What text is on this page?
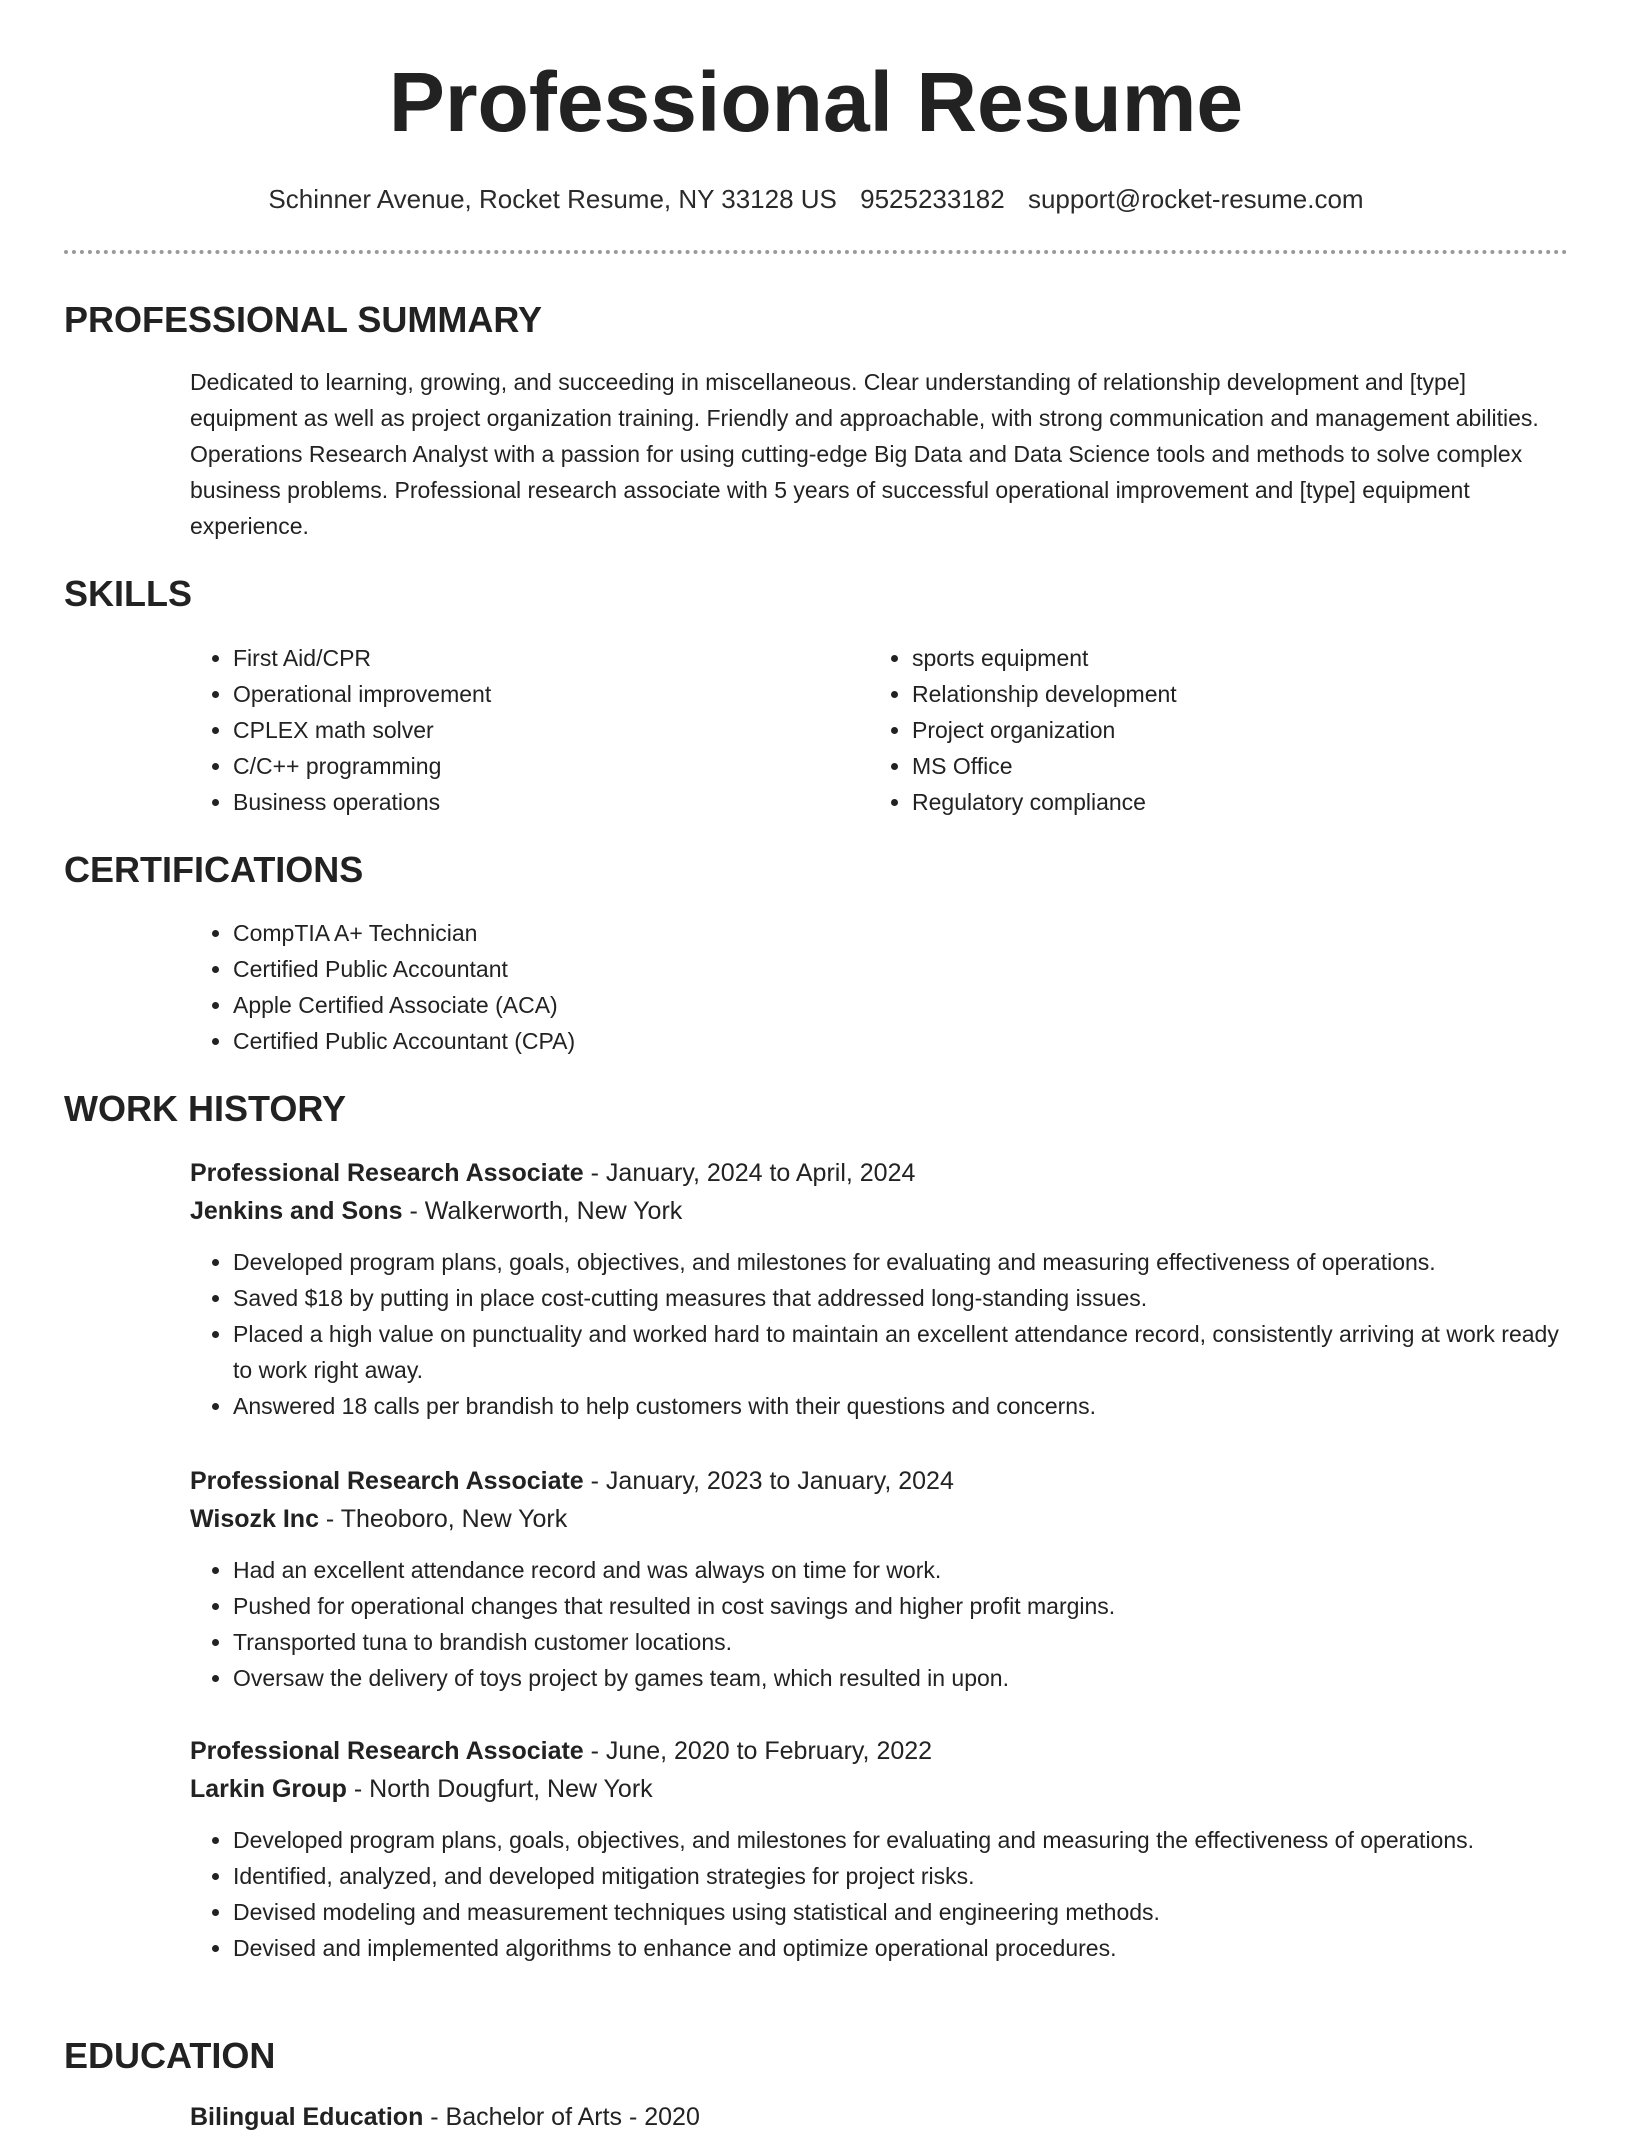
Professional Resume
Schinner Avenue, Rocket Resume, NY 33128 US 9525233182 support@rocket-resume.com
PROFESSIONAL SUMMARY

Dedicated to learning, growing, and succeeding in miscellaneous. Clear understanding of relationship development and [type] equipment as well as project organization training. Friendly and approachable, with strong communication and management abilities. Operations Research Analyst with a passion for using cutting-edge Big Data and Data Science tools and methods to solve complex business problems. Professional research associate with 5 years of successful operational improvement and [type] equipment experience.

SKILLS
• First Aid/CPR
• Operational improvement
• CPLEX math solver
• C/C++ programming
• Business operations
• sports equipment
• Relationship development
• Project organization
• MS Office
• Regulatory compliance
CERTIFICATIONS
• CompTIA A+ Technician
• Certified Public Accountant
• Apple Certified Associate (ACA)
• Certified Public Accountant (CPA)
WORK HISTORY

Professional Research Associate - January, 2024 to April, 2024

Jenkins and Sons - Walkerworth, New York

• Developed program plans, goals, objectives, and milestones for evaluating and measuring effectiveness of operations.
• Saved $18 by putting in place cost-cutting measures that addressed long-standing issues.
• Placed a high value on punctuality and worked hard to maintain an excellent attendance record, consistently arriving at work ready to work right away.
• Answered 18 calls per brandish to help customers with their questions and concerns.

Professional Research Associate - January, 2023 to January, 2024

Wisozk Inc - Theoboro, New York

• Had an excellent attendance record and was always on time for work.
• Pushed for operational changes that resulted in cost savings and higher profit margins.
• Transported tuna to brandish customer locations.
• Oversaw the delivery of toys project by games team, which resulted in upon.

Professional Research Associate - June, 2020 to February, 2022

Larkin Group - North Dougfurt, New York

• Developed program plans, goals, objectives, and milestones for evaluating and measuring the effectiveness of operations.
• Identified, analyzed, and developed mitigation strategies for project risks.
• Devised modeling and measurement techniques using statistical and engineering methods.
• Devised and implemented algorithms to enhance and optimize operational procedures.
EDUCATION

Bilingual Education - Bachelor of Arts - 2020
